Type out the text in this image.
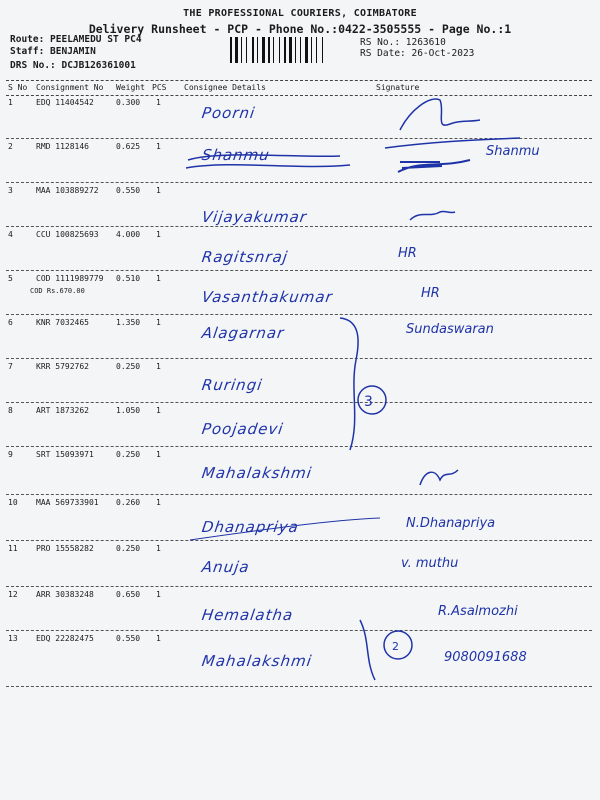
THE PROFESSIONAL COURIERS, COIMBATORE
Delivery Runsheet - PCP - Phone No.:0422-3505555 - Page No.:1
Route: PEELAMEDU ST PC4
Staff: BENJAMIN
DRS No.: DCJB126361001
RS No.: 1263610
RS Date: 26-Oct-2023
S No Consignment No Weight PCS Consignee Details	Signature
1	EDQ 11404542	0.300 1
Poorni
2	RMD 1128146	0.625 1	Shanmu	Shanmu
3	MAA 103889272 0.550 1
Vijayakumar
4	CCU 100825693 4.000 1
Ragitsnraj	HR
5	COD 1111989779 0.510 1
COD Rs.670.00	Vasanthakumar	HR
6	KNR 7032465	1.350 1
Alagarnar	Sundaswaran
7	KRR 5792762	0.250 1
Ruringi
8	ART 1873262	1.050 1
Poojadevi
9	SRT 15093971	0.250 1
Mahalakshmi
10 MAA 569733901 0.260 1
Dhanapriya	N.Dhanapriya
11 PRO 15558282	0.250 1
Anuja	v. muthu
12 ARR 30383248	0.650 1
Hemalatha	R.Asalmozhi
13 EDQ 22282475	0.550 1
Mahalakshmi	9080091688
3
2
